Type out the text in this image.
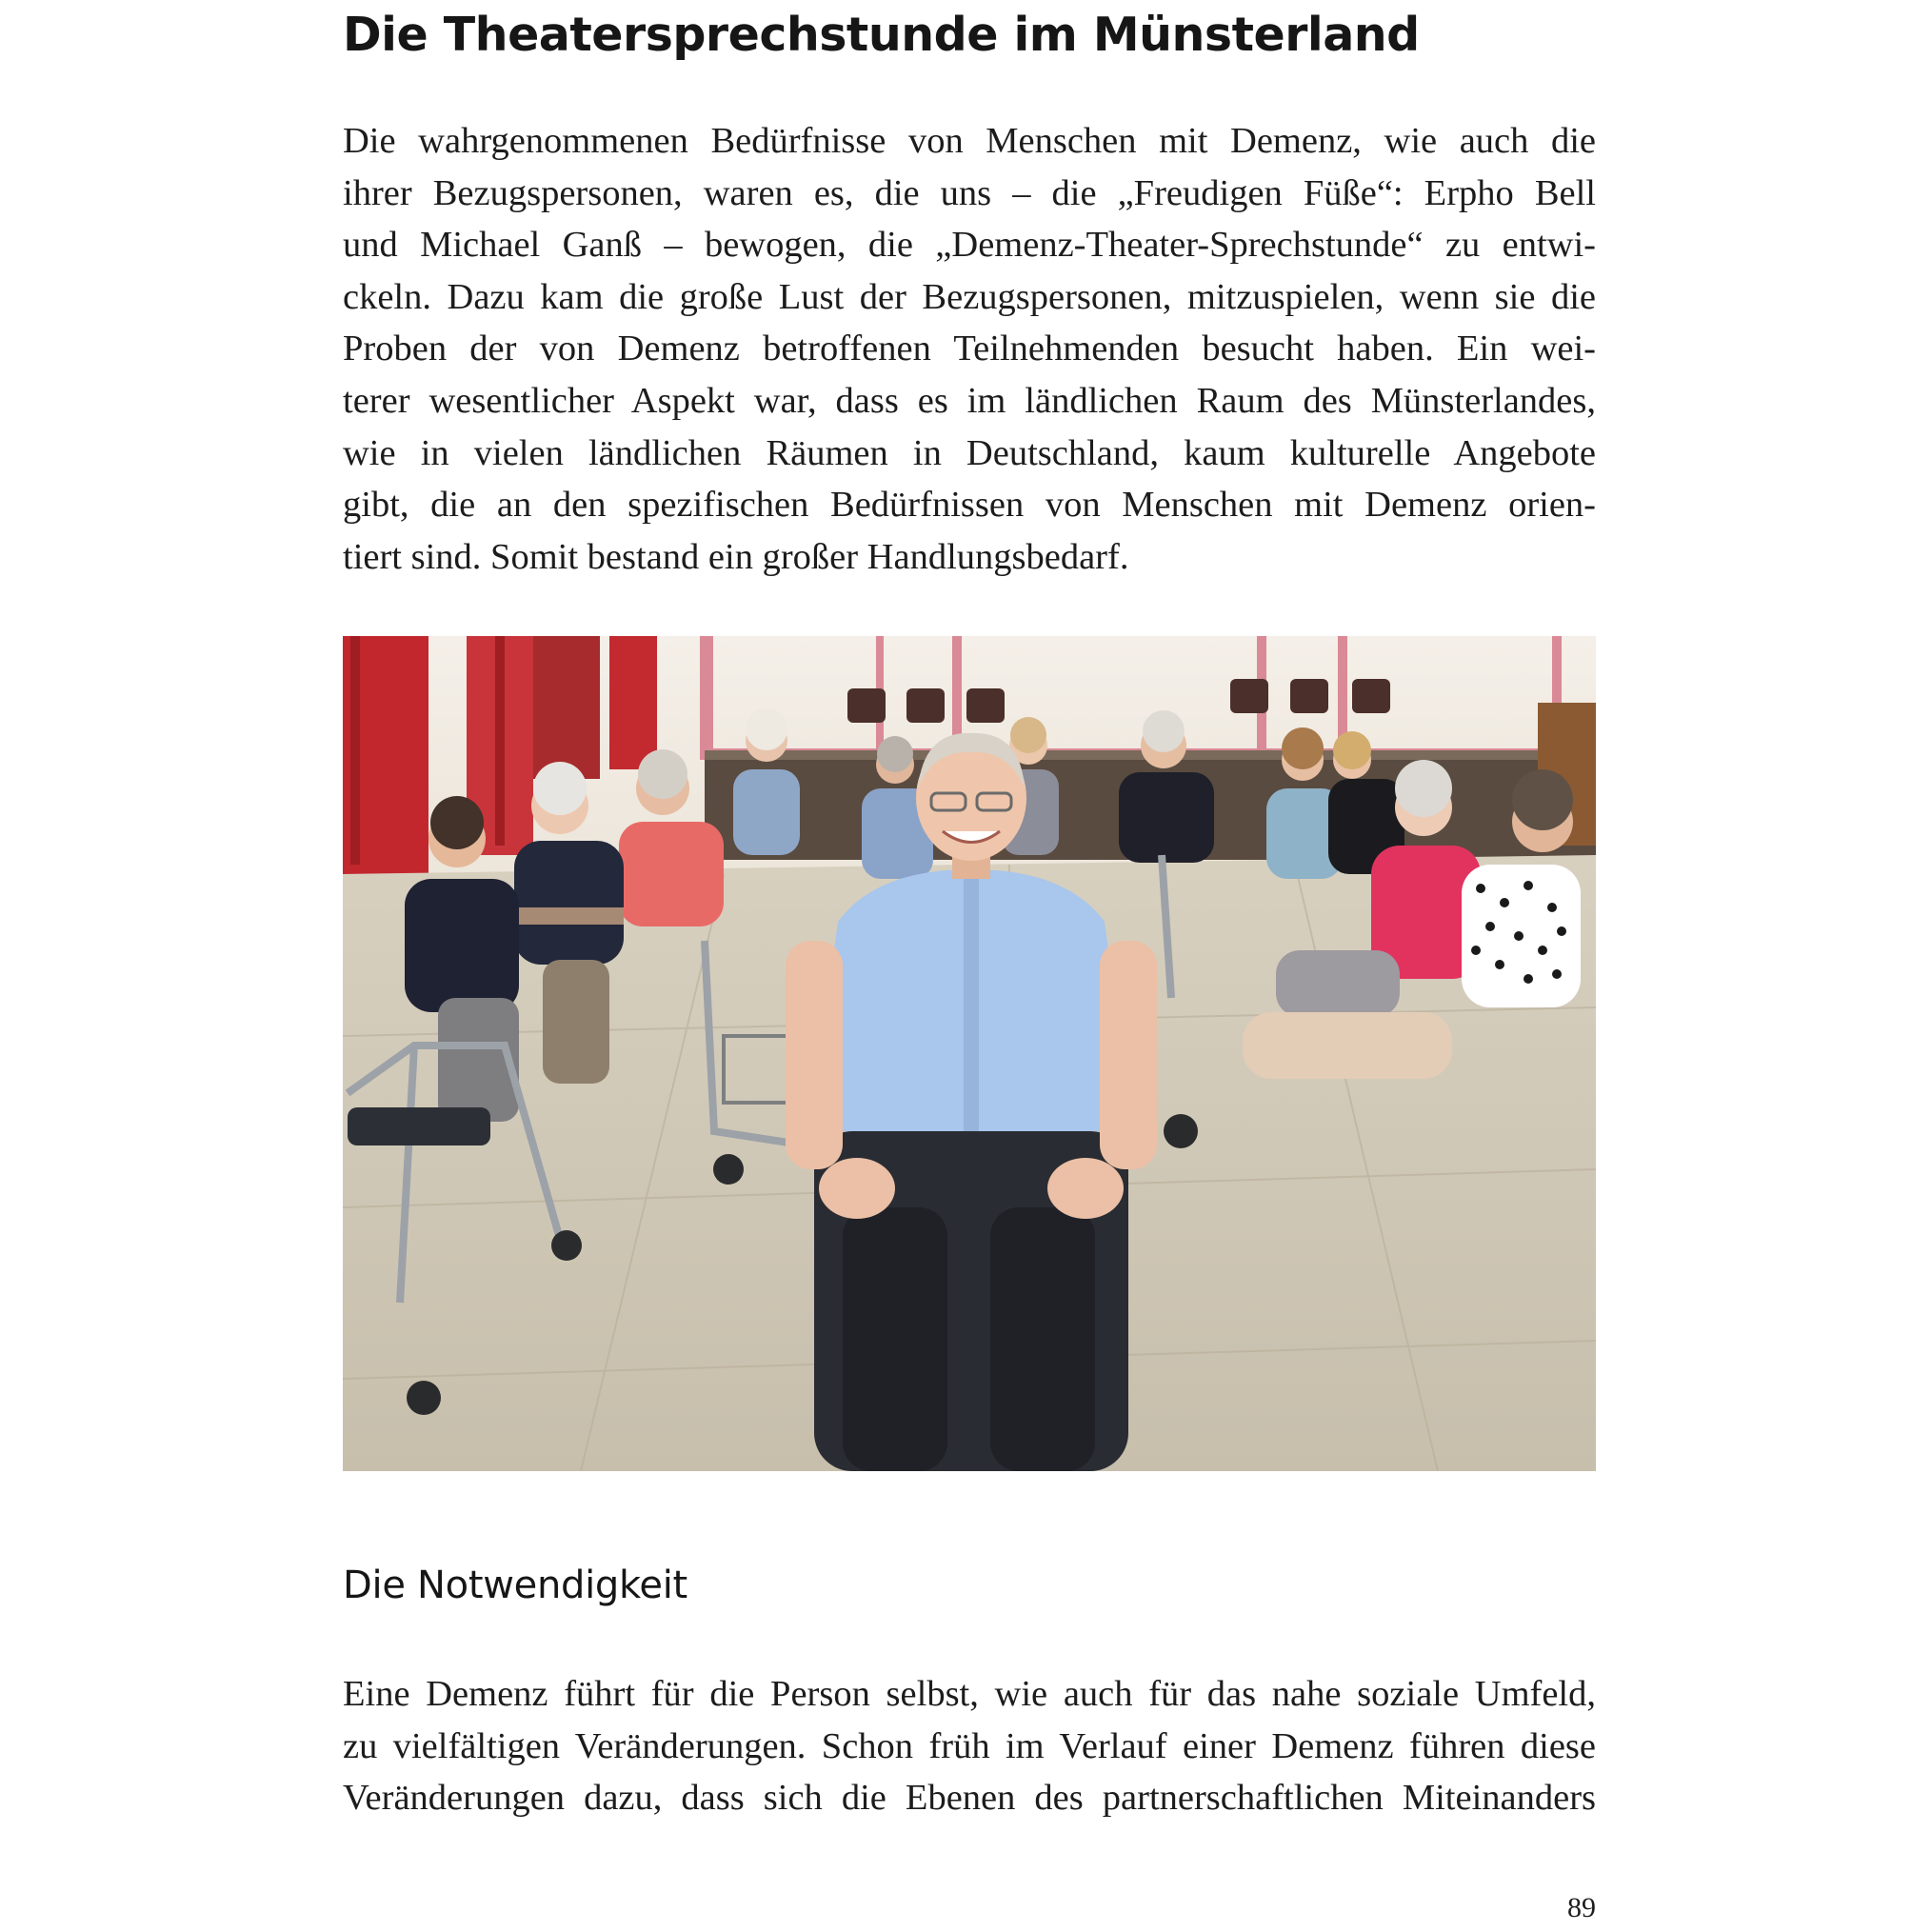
Die Theatersprechstunde im Münsterland
Die wahrgenommenen Bedürfnisse von Menschen mit Demenz, wie auch die
ihrer Bezugspersonen, waren es, die uns – die „Freudigen Füße“: Erpho Bell
und Michael Ganß – bewogen, die „Demenz-Theater-Sprechstunde“ zu entwi-
ckeln. Dazu kam die große Lust der Bezugspersonen, mitzuspielen, wenn sie die
Proben der von Demenz betroffenen Teilnehmenden besucht haben. Ein wei-
terer wesentlicher Aspekt war, dass es im ländlichen Raum des Münsterlandes,
wie in vielen ländlichen Räumen in Deutschland, kaum kulturelle Angebote
gibt, die an den spezifischen Bedürfnissen von Menschen mit Demenz orien-
tiert sind. Somit bestand ein großer Handlungsbedarf.
Die Notwendigkeit
Eine Demenz führt für die Person selbst, wie auch für das nahe soziale Umfeld,
zu vielfältigen Veränderungen. Schon früh im Verlauf einer Demenz führen diese
Veränderungen dazu, dass sich die Ebenen des partnerschaftlichen Miteinanders
89
